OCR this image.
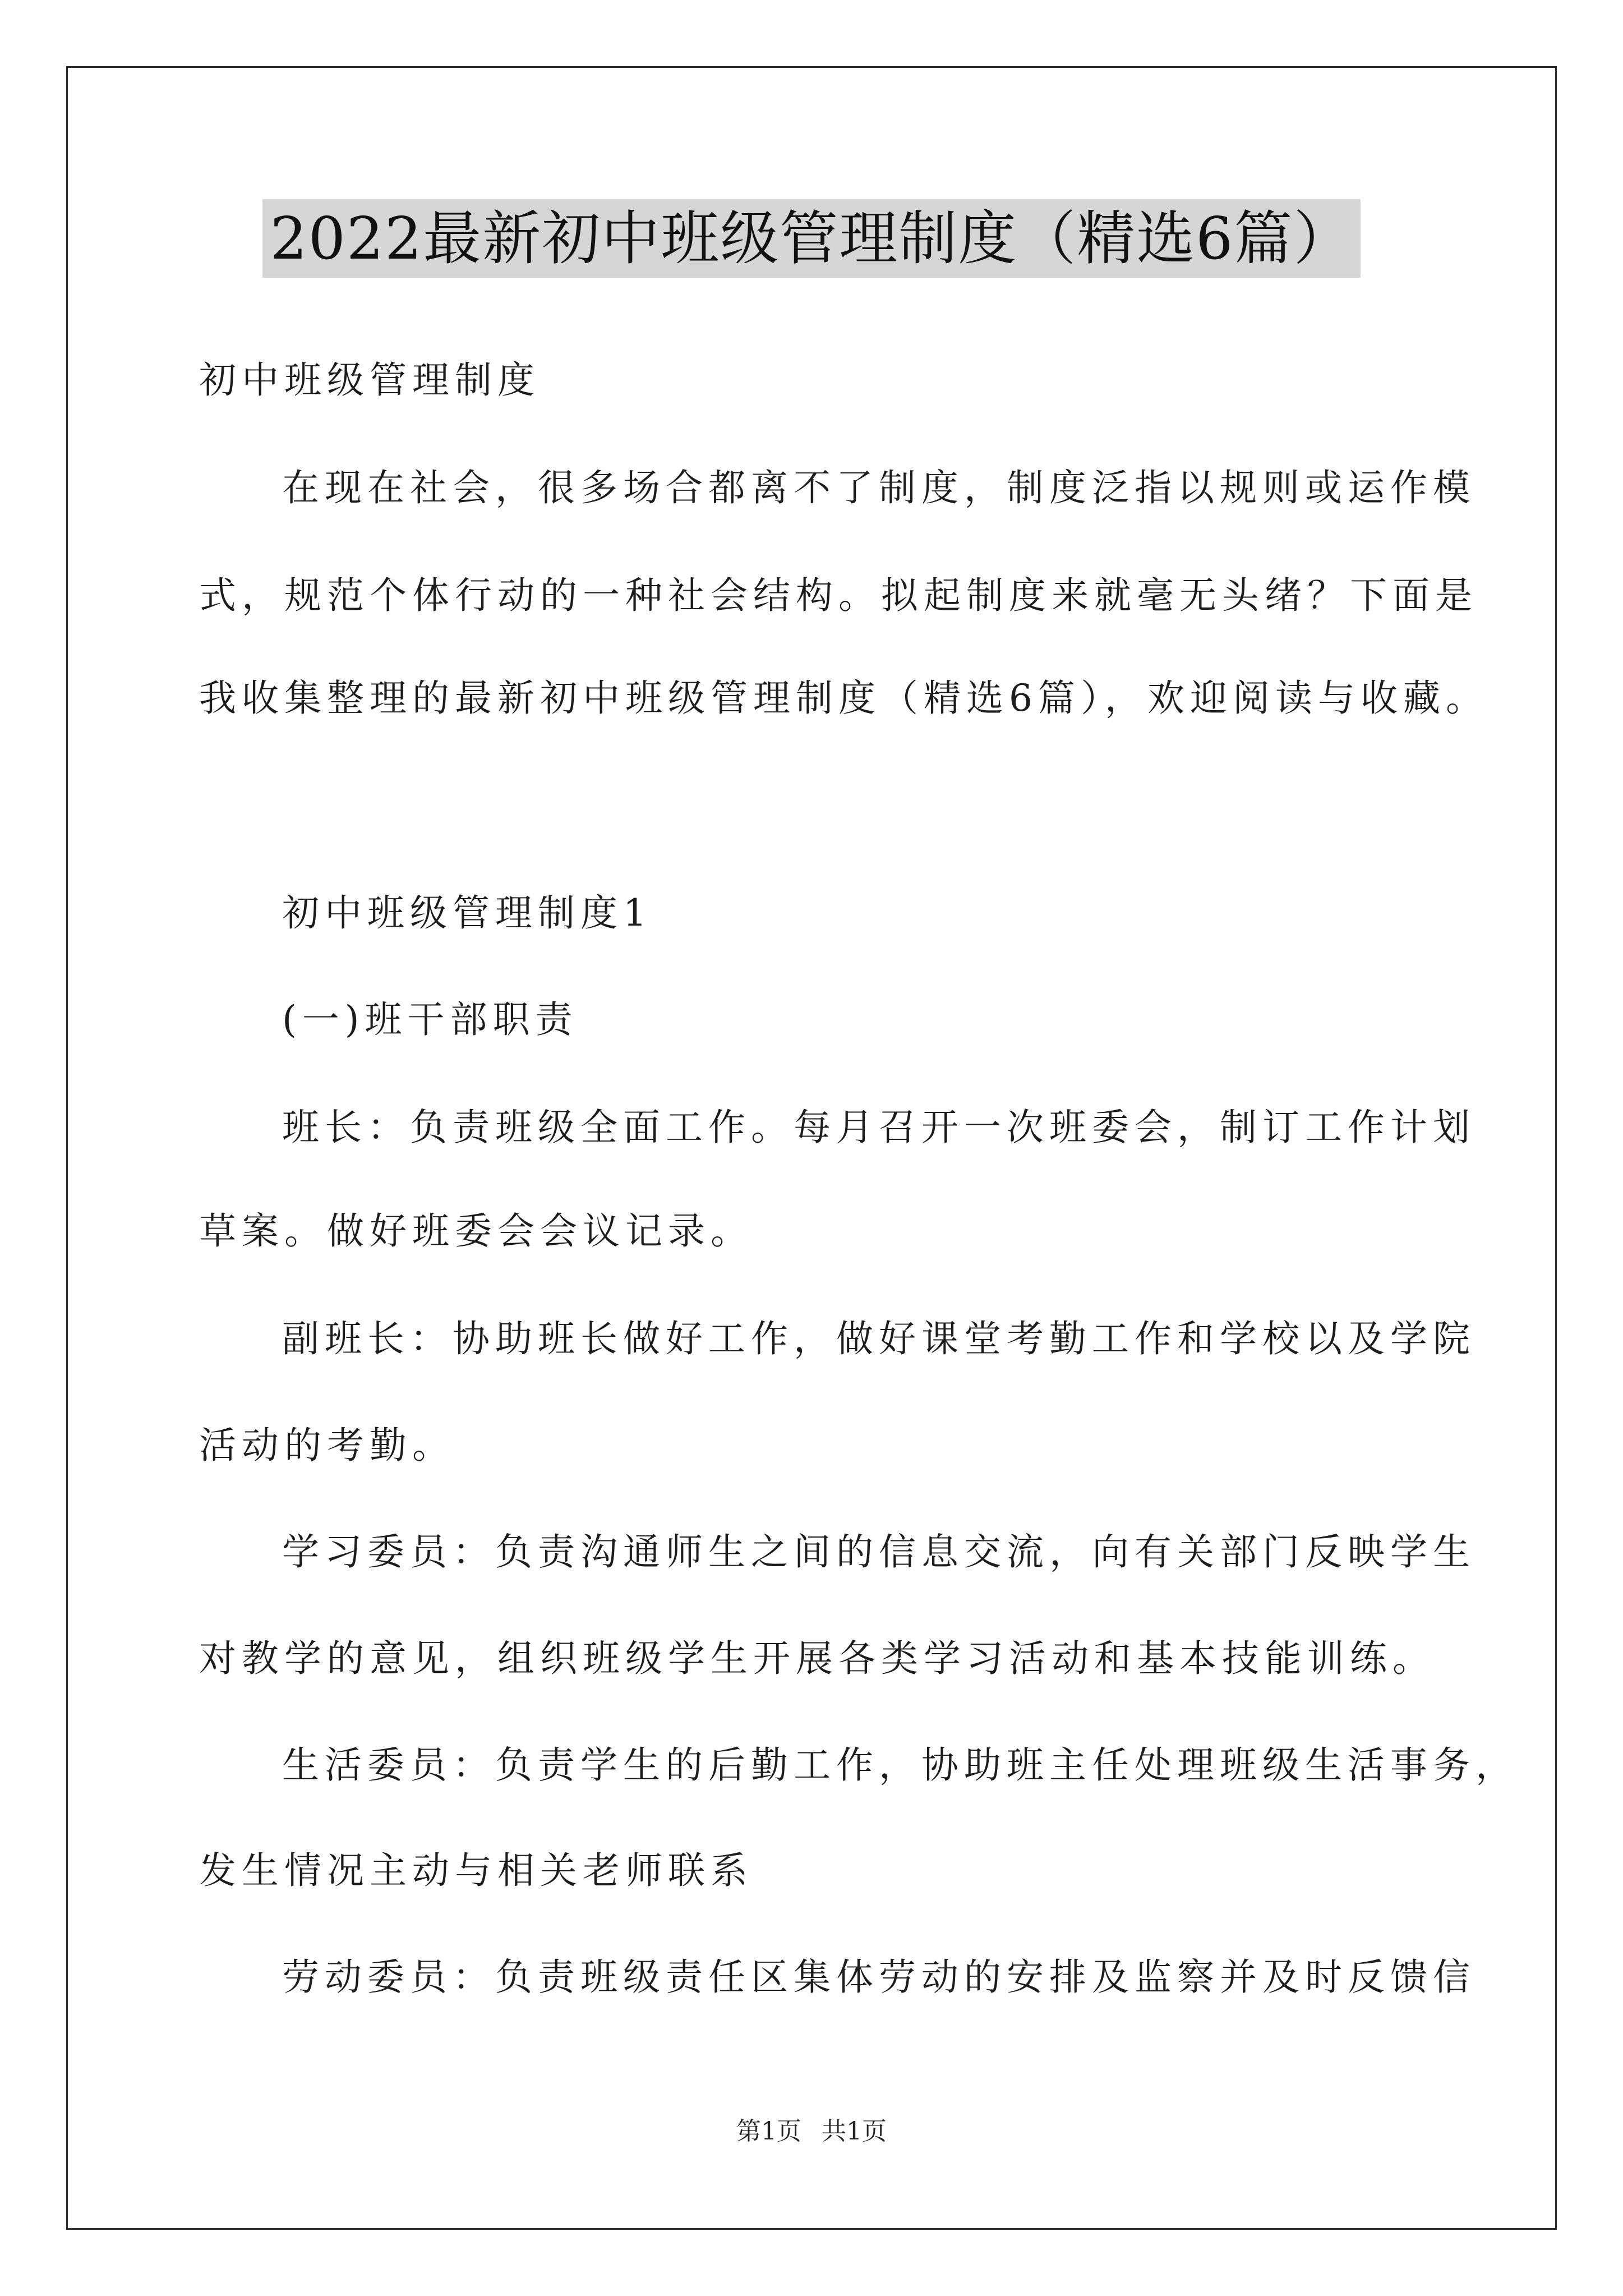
2022最新初中班级管理制度（精选6篇）
初中班级管理制度
在现在社会，很多场合都离不了制度，制度泛指以规则或运作模
式，规范个体行动的一种社会结构。拟起制度来就毫无头绪？下面是
我收集整理的最新初中班级管理制度（精选6篇），欢迎阅读与收藏。
初中班级管理制度1
(一)班干部职责
班长：负责班级全面工作。每月召开一次班委会，制订工作计划
草案。做好班委会会议记录。
副班长：协助班长做好工作，做好课堂考勤工作和学校以及学院
活动的考勤。
学习委员：负责沟通师生之间的信息交流，向有关部门反映学生
对教学的意见，组织班级学生开展各类学习活动和基本技能训练。
生活委员：负责学生的后勤工作，协助班主任处理班级生活事务，
发生情况主动与相关老师联系
劳动委员：负责班级责任区集体劳动的安排及监察并及时反馈信
第1页 共1页
